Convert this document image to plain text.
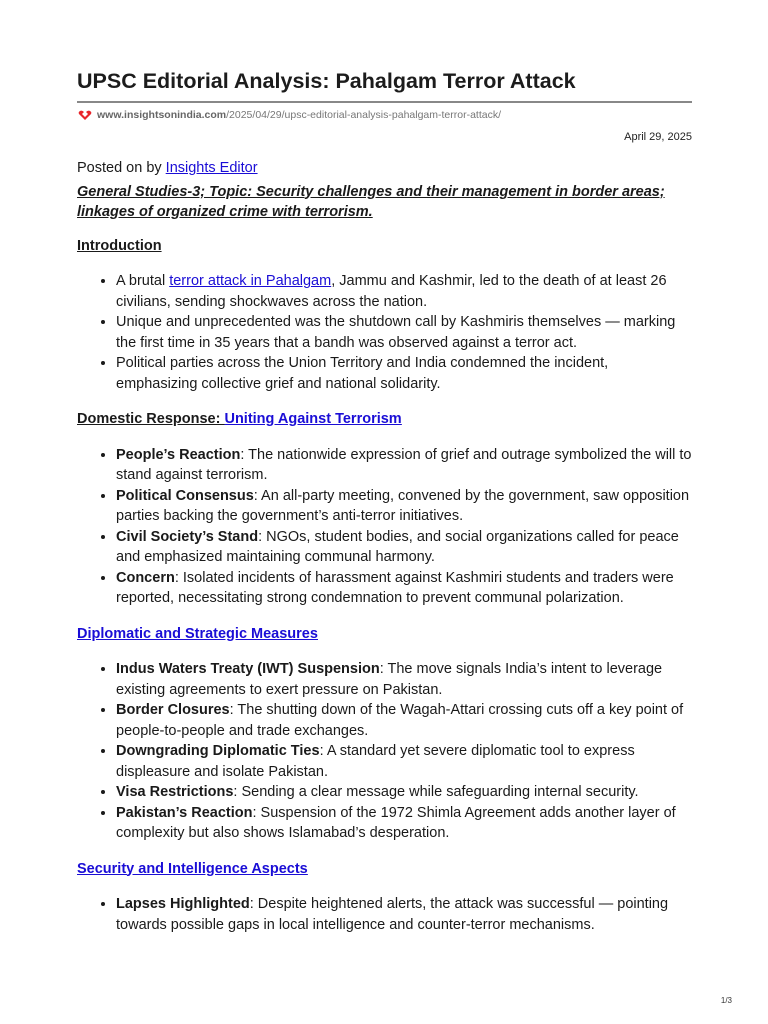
UPSC Editorial Analysis: Pahalgam Terror Attack
www.insightsonindia.com /2025/04/29/upsc-editorial-analysis-pahalgam-terror-attack/
April 29, 2025

Posted on by Insights Editor

General Studies-3; Topic: Security challenges and their management in border areas; linkages of organized crime with terrorism.

Introduction

• A brutal terror attack in Pahalgam, Jammu and Kashmir, led to the death of at least 26 civilians, sending shockwaves across the nation.
• Unique and unprecedented was the shutdown call by Kashmiris themselves — marking the first time in 35 years that a bandh was observed against a terror act.
• Political parties across the Union Territory and India condemned the incident, emphasizing collective grief and national solidarity.

Domestic Response: Uniting Against Terrorism

• People’s Reaction: The nationwide expression of grief and outrage symbolized the will to stand against terrorism.
• Political Consensus: An all-party meeting, convened by the government, saw opposition parties backing the government’s anti-terror initiatives.
• Civil Society’s Stand: NGOs, student bodies, and social organizations called for peace and emphasized maintaining communal harmony.
• Concern: Isolated incidents of harassment against Kashmiri students and traders were reported, necessitating strong condemnation to prevent communal polarization.

Diplomatic and Strategic Measures

• Indus Waters Treaty (IWT) Suspension: The move signals India’s intent to leverage existing agreements to exert pressure on Pakistan.
• Border Closures: The shutting down of the Wagah-Attari crossing cuts off a key point of people-to-people and trade exchanges.
• Downgrading Diplomatic Ties: A standard yet severe diplomatic tool to express displeasure and isolate Pakistan.
• Visa Restrictions: Sending a clear message while safeguarding internal security.
• Pakistan’s Reaction: Suspension of the 1972 Shimla Agreement adds another layer of complexity but also shows Islamabad’s desperation.

Security and Intelligence Aspects

• Lapses Highlighted: Despite heightened alerts, the attack was successful — pointing towards possible gaps in local intelligence and counter-terror mechanisms.
1/3
